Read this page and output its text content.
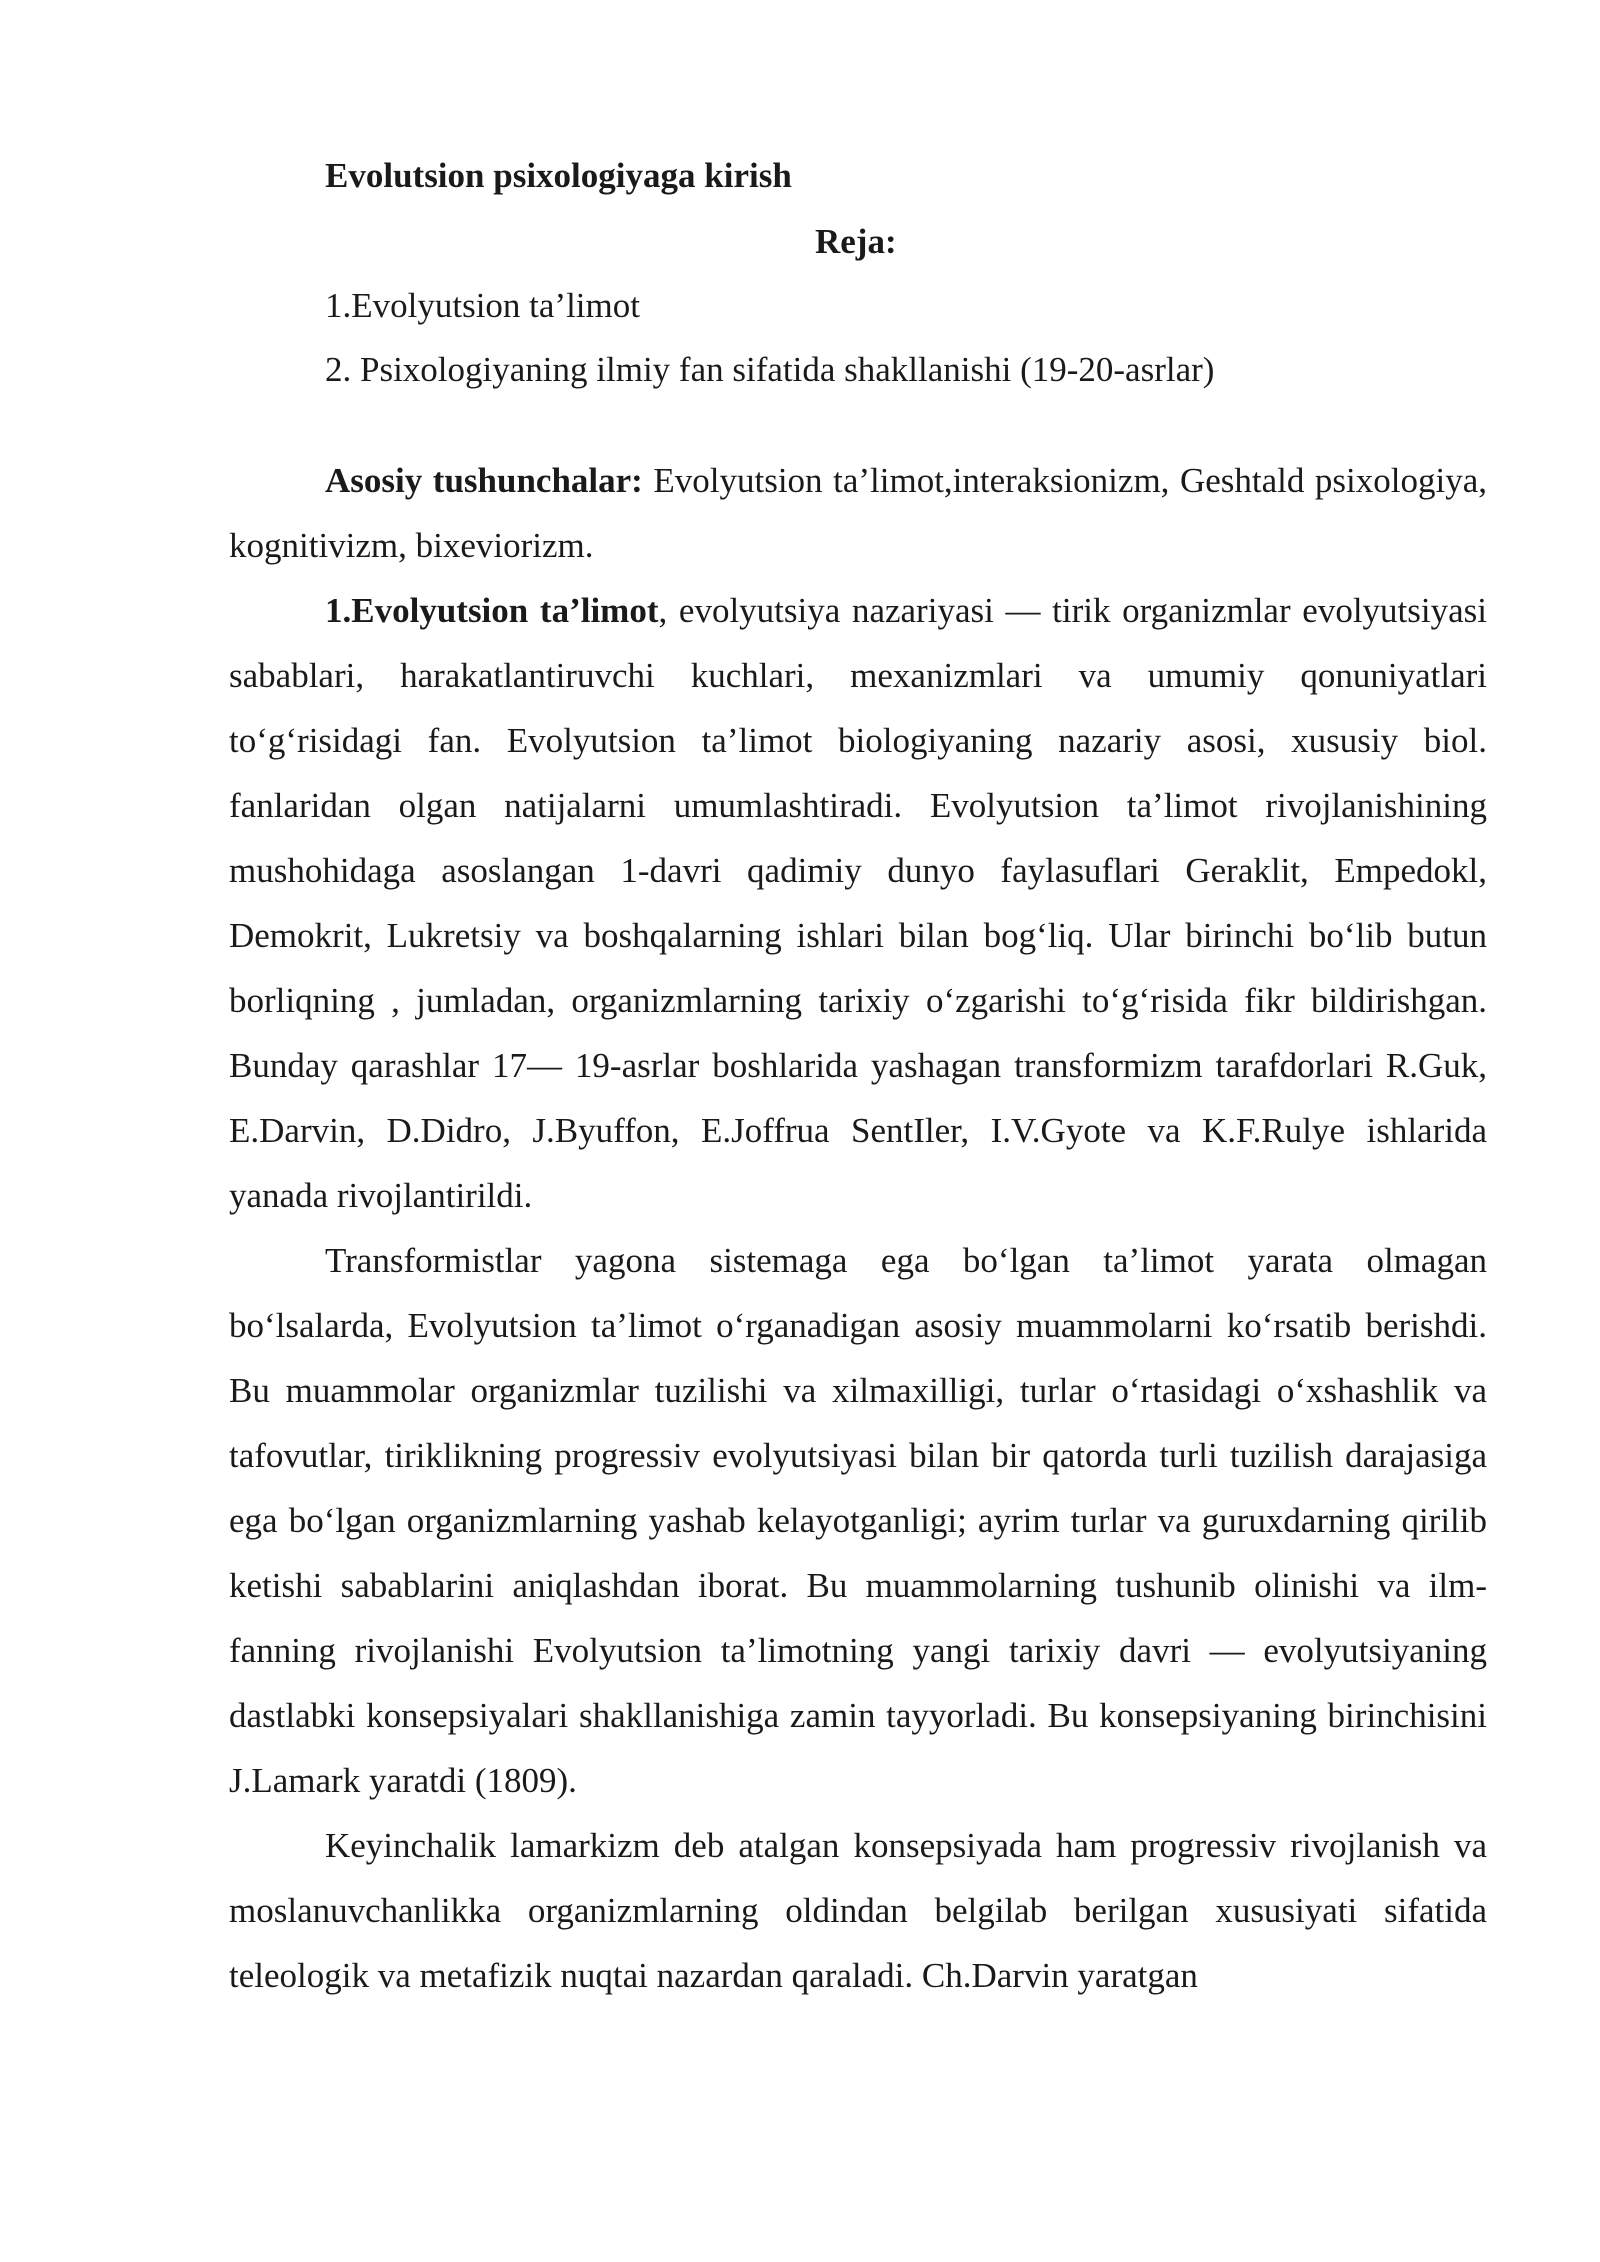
Evolutsion psixologiyaga kirish
Reja:
1.Evolyutsion ta’limot
2. Psixologiyaning ilmiy fan sifatida shakllanishi (19-20-asrlar)

Asosiy tushunchalar: Evolyutsion ta’limot,interaksionizm, Geshtald psixologiya, kognitivizm, bixeviorizm.

1.Evolyutsion ta’limot, evolyutsiya nazariyasi — tirik organizmlar evolyutsiyasi sabablari, harakatlantiruvchi kuchlari, mexanizmlari va umumiy qonuniyatlari to‘g‘risidagi fan. Evolyutsion ta’limot biologiyaning nazariy asosi, xususiy biol. fanlaridan olgan natijalarni umumlashtiradi. Evolyutsion ta’limot rivojlanishining mushohidaga asoslangan 1-davri qadimiy dunyo faylasuflari Geraklit, Empedokl, Demokrit, Lukretsiy va boshqalarning ishlari bilan bog‘liq. Ular birinchi bo‘lib butun borliqning , jumladan, organizmlarning tarixiy o‘zgarishi to‘g‘risida fikr bildirishgan. Bunday qarashlar 17— 19-asrlar boshlarida yashagan transformizm tarafdorlari R.Guk, E.Darvin, D.Didro, J.Byuffon, E.Joffrua SentIler, I.V.Gyote va K.F.Rulye ishlarida yanada rivojlantirildi.

Transformistlar yagona sistemaga ega bo‘lgan ta’limot yarata olmagan bo‘lsalarda, Evolyutsion ta’limot o‘rganadigan asosiy muammolarni ko‘rsatib berishdi. Bu muammolar organizmlar tuzilishi va xilmaxilligi, turlar o‘rtasidagi o‘xshashlik va tafovutlar, tiriklikning progressiv evolyutsiyasi bilan bir qatorda turli tuzilish darajasiga ega bo‘lgan organizmlarning yashab kelayotganligi; ayrim turlar va guruxdarning qirilib ketishi sabablarini aniqlashdan iborat. Bu muammolarning tushunib olinishi va ilm-fanning rivojlanishi Evolyutsion ta’limotning yangi tarixiy davri — evolyutsiyaning dastlabki konsepsiyalari shakllanishiga zamin tayyorladi. Bu konsepsiyaning birinchisini J.Lamark yaratdi (1809).

Keyinchalik lamarkizm deb atalgan konsepsiyada ham progressiv rivojlanish va moslanuvchanlikka organizmlarning oldindan belgilab berilgan xususiyati sifatida teleologik va metafizik nuqtai nazardan qaraladi. Ch.Darvin yaratgan
